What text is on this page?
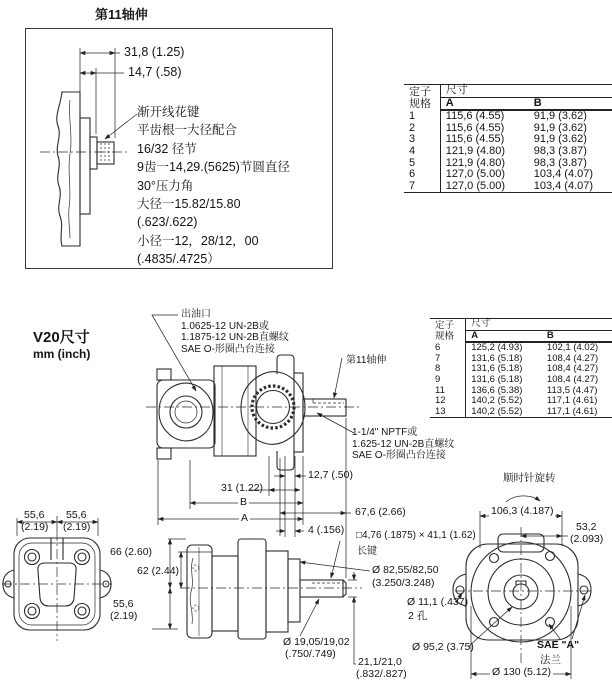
第11轴伸
31,8 (1.25)
14,7 (.58)
渐开线花键
平齿根一大径配合
16/32 径节
9齿一14,29.(5625)节圆直径
30°压力角
大径一15.82/15.80
(.623/.622)
小径一12，28/12，00
(.4835/.4725）
定子
规格	尺寸	
	A	B
1	115,6 (4.55)	91,9 (3.62)
2	115,6 (4.55)	91,9 (3.62)
3	115,6 (4.55)	91,9 (3.62)
4	121,9 (4.80)	98,3 (3.87)
5	121,9 (4.80)	98,3 (3.87)
6	127,0 (5.00)	103,4 (4.07)
7	127,0 (5.00)	103,4 (4.07)
定子
规格	尺寸	
	A	B
6	125,2 (4.93)	102,1 (4.02)
7	131,6 (5.18)	108,4 (4.27)
8	131,6 (5.18)	108,4 (4.27)
9	131,6 (5.18)	108,4 (4.27)
11	136,6 (5.38)	113,5 (4.47)
12	140,2 (5.52)	117,1 (4.61)
13	140,2 (5.52)	117,1 (4.61)
V20尺寸
mm (inch)
出油口
1.0625-12 UN-2B或
1.1875-12 UN-2B直螺纹
SAE O-形圈凸台连接
第11轴伸
1-1/4" NPTF或
1.625-12 UN-2B直螺纹
SAE O-形圈凸台连接
顺时针旋转
12,7 (.50)
31 (1.22)
B
A	67,6 (2.66)
4 (.156) □4,76 (.1875) × 41,1 (1.62)
长键
66 (2.60)
62 (2.44)
55,6
(2.19)
55,6
(2.19)
55,6
(2.19)
Ø 82,55/82,50
(3.250/3.248)
Ø 19,05/19,02
(.750/.749)
21,1/21,0
(.832/.827)
Ø 11,1 (.437)
2 孔
Ø 95,2 (3.75)
Ø 130 (5.12)
106,3 (4.187)
53,2
(2.093)
SAE "A"
法兰
